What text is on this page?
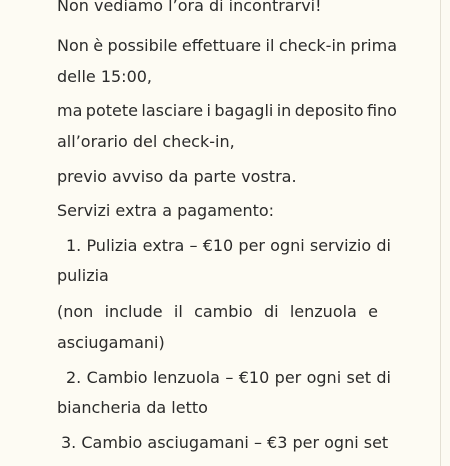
Non vediamo l’ora di incontrarvi!

Non è possibile effettuare il check-in prima

delle 15:00,

ma potete lasciare i bagagli in deposito fino

all’orario del check-in,

previo avviso da parte vostra.

Servizi extra a pagamento:

1. Pulizia extra – €10 per ogni servizio di

pulizia

(non include il cambio di lenzuola e

asciugamani)

2. Cambio lenzuola – €10 per ogni set di

biancheria da letto

3. Cambio asciugamani – €3 per ogni set
